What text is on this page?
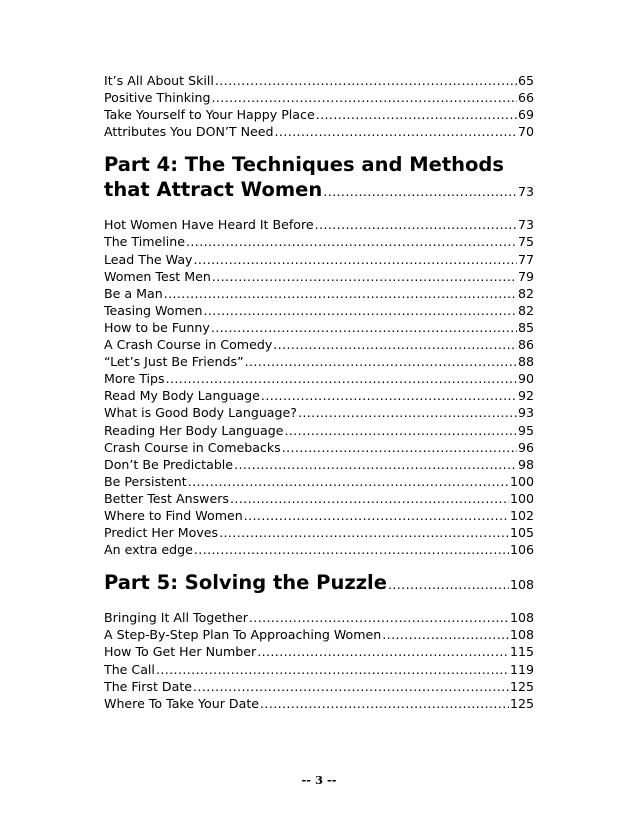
It’s All About Skill .....	65
Positive Thinking .....	66
Take Yourself to Your Happy Place .....	69
Attributes You DON’T Need .....	70
Part 4: The Techniques and Methods
that Attract Women .....	73
Hot Women Have Heard It Before .....	73
The Timeline .....	75
Lead The Way .....	77
Women Test Men .....	79
Be a Man .....	82
Teasing Women .....	82
How to be Funny .....	85
A Crash Course in Comedy .....	86
“Let’s Just Be Friends” .....	88
More Tips .....	90
Read My Body Language .....	92
What is Good Body Language? .....	93
Reading Her Body Language .....	95
Crash Course in Comebacks .....	96
Don’t Be Predictable .....	98
Be Persistent .....	100
Better Test Answers .....	100
Where to Find Women .....	102
Predict Her Moves .....	105
An extra edge .....	106
Part 5: Solving the Puzzle .....	108
Bringing It All Together .....	108
A Step-By-Step Plan To Approaching Women .....	108
How To Get Her Number .....	115
The Call .....	119
The First Date .....	125
Where To Take Your Date .....	125
-- 3 --
